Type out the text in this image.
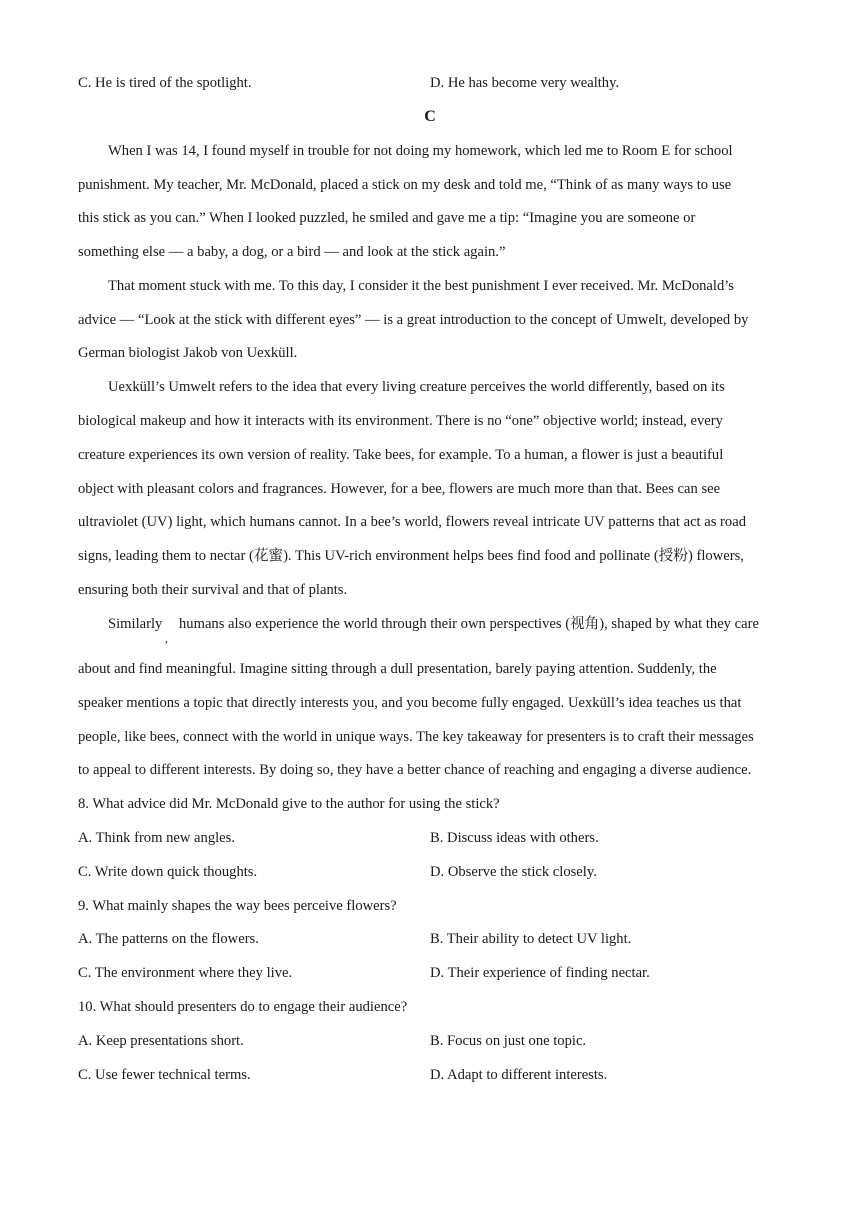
C. He is tired of the spotlight.	D. He has become very wealthy.
C
When I was 14, I found myself in trouble for not doing my homework, which led me to Room E for school
punishment. My teacher, Mr. McDonald, placed a stick on my desk and told me, “Think of as many ways to use
this stick as you can.” When I looked puzzled, he smiled and gave me a tip: “Imagine you are someone or
something else — a baby, a dog, or a bird — and look at the stick again.”
That moment stuck with me. To this day, I consider it the best punishment I ever received. Mr. McDonald’s
advice — “Look at the stick with different eyes” — is a great introduction to the concept of Umwelt, developed by
German biologist Jakob von Uexküll.
Uexküll’s Umwelt refers to the idea that every living creature perceives the world differently, based on its
biological makeup and how it interacts with its environment. There is no “one” objective world; instead, every
creature experiences its own version of reality. Take bees, for example. To a human, a flower is just a beautiful
object with pleasant colors and fragrances. However, for a bee, flowers are much more than that. Bees can see
ultraviolet (UV) light, which humans cannot. In a bee’s world, flowers reveal intricate UV patterns that act as road
signs, leading them to nectar (花蜜). This UV-rich environment helps bees find food and pollinate (授粉) flowers,
ensuring both their survival and that of plants.
Similarly
,
humans also experience the world through their own perspectives (视角), shaped by what they care
about and find meaningful. Imagine sitting through a dull presentation, barely paying attention. Suddenly, the
speaker mentions a topic that directly interests you, and you become fully engaged. Uexküll’s idea teaches us that
people, like bees, connect with the world in unique ways. The key takeaway for presenters is to craft their messages
to appeal to different interests. By doing so, they have a better chance of reaching and engaging a diverse audience.
8. What advice did Mr. McDonald give to the author for using the stick?
A. Think from new angles.	B. Discuss ideas with others.
C. Write down quick thoughts.	D. Observe the stick closely.
9. What mainly shapes the way bees perceive flowers?
A. The patterns on the flowers.	B. Their ability to detect UV light.
C. The environment where they live.	D. Their experience of finding nectar.
10. What should presenters do to engage their audience?
A. Keep presentations short.	B. Focus on just one topic.
C. Use fewer technical terms.	D. Adapt to different interests.
